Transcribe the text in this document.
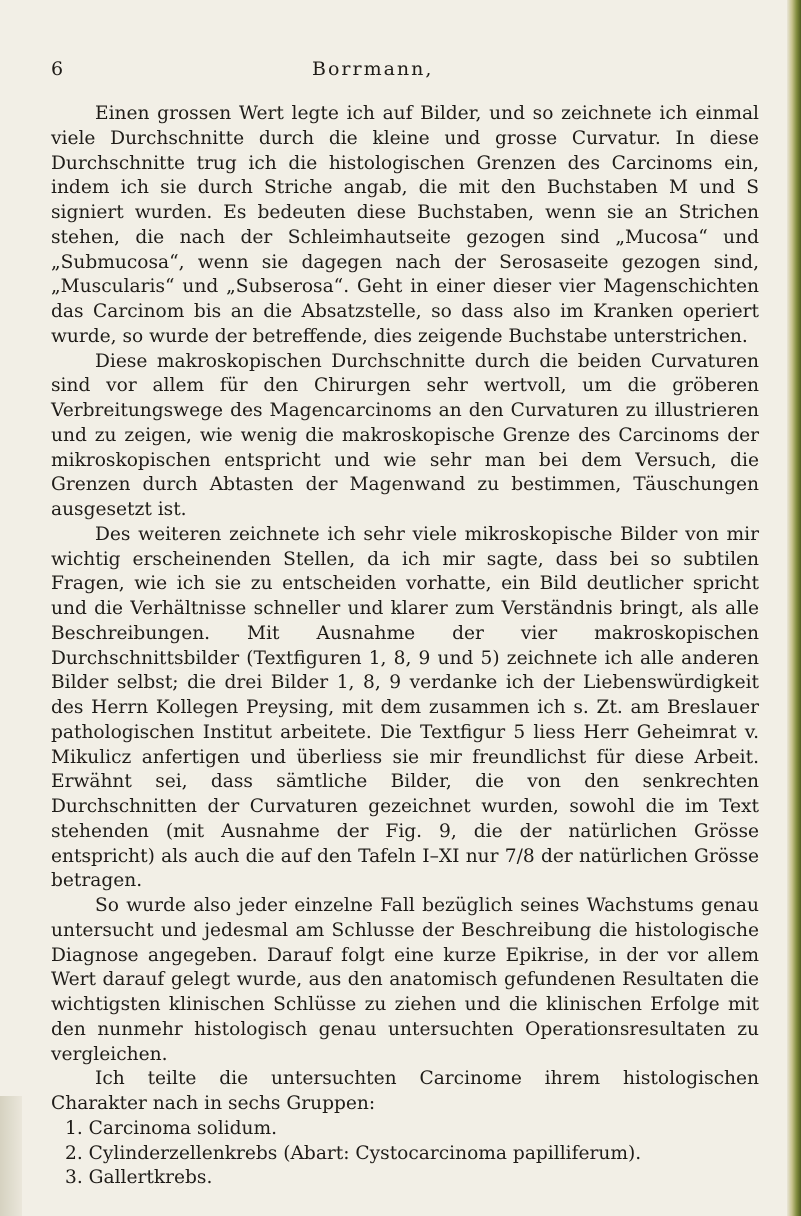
6	Borrmann,

Einen grossen Wert legte ich auf Bilder, und so zeichnete ich einmal viele Durchschnitte durch die kleine und grosse Curvatur. In diese Durchschnitte trug ich die histologischen Grenzen des Carcinoms ein, indem ich sie durch Striche angab, die mit den Buchstaben M und S signiert wurden. Es bedeuten diese Buchstaben, wenn sie an Strichen stehen, die nach der Schleimhautseite gezogen sind „Mucosa“ und „Submucosa“, wenn sie dagegen nach der Serosaseite gezogen sind, „Muscularis“ und „Subserosa“. Geht in einer dieser vier Magenschichten das Carcinom bis an die Absatzstelle, so dass also im Kranken operiert wurde, so wurde der betreffende, dies zeigende Buchstabe unterstrichen.

Diese makroskopischen Durchschnitte durch die beiden Curvaturen sind vor allem für den Chirurgen sehr wertvoll, um die gröberen Verbreitungswege des Magencarcinoms an den Curvaturen zu illustrieren und zu zeigen, wie wenig die makroskopische Grenze des Carcinoms der mikroskopischen entspricht und wie sehr man bei dem Versuch, die Grenzen durch Abtasten der Magenwand zu bestimmen, Täuschungen ausgesetzt ist.

Des weiteren zeichnete ich sehr viele mikroskopische Bilder von mir wichtig erscheinenden Stellen, da ich mir sagte, dass bei so subtilen Fragen, wie ich sie zu entscheiden vorhatte, ein Bild deutlicher spricht und die Verhältnisse schneller und klarer zum Verständnis bringt, als alle Beschreibungen. Mit Ausnahme der vier makroskopischen Durchschnittsbilder (Textfiguren 1, 8, 9 und 5) zeichnete ich alle anderen Bilder selbst; die drei Bilder 1, 8, 9 verdanke ich der Liebenswürdigkeit des Herrn Kollegen Preysing, mit dem zusammen ich s. Zt. am Breslauer pathologischen Institut arbeitete. Die Textfigur 5 liess Herr Geheimrat v. Mikulicz anfertigen und überliess sie mir freundlichst für diese Arbeit. Erwähnt sei, dass sämtliche Bilder, die von den senkrechten Durchschnitten der Curvaturen gezeichnet wurden, sowohl die im Text stehenden (mit Ausnahme der Fig. 9, die der natürlichen Grösse entspricht) als auch die auf den Tafeln I–XI nur 7/8 der natürlichen Grösse betragen.

So wurde also jeder einzelne Fall bezüglich seines Wachstums genau untersucht und jedesmal am Schlusse der Beschreibung die histologische Diagnose angegeben. Darauf folgt eine kurze Epikrise, in der vor allem Wert darauf gelegt wurde, aus den anatomisch gefundenen Resultaten die wichtigsten klinischen Schlüsse zu ziehen und die klinischen Erfolge mit den nunmehr histologisch genau untersuchten Operationsresultaten zu vergleichen.

Ich teilte die untersuchten Carcinome ihrem histologischen Charakter nach in sechs Gruppen:

1. Carcinoma solidum.
2. Cylinderzellenkrebs (Abart: Cystocarcinoma papilliferum).
3. Gallertkrebs.
